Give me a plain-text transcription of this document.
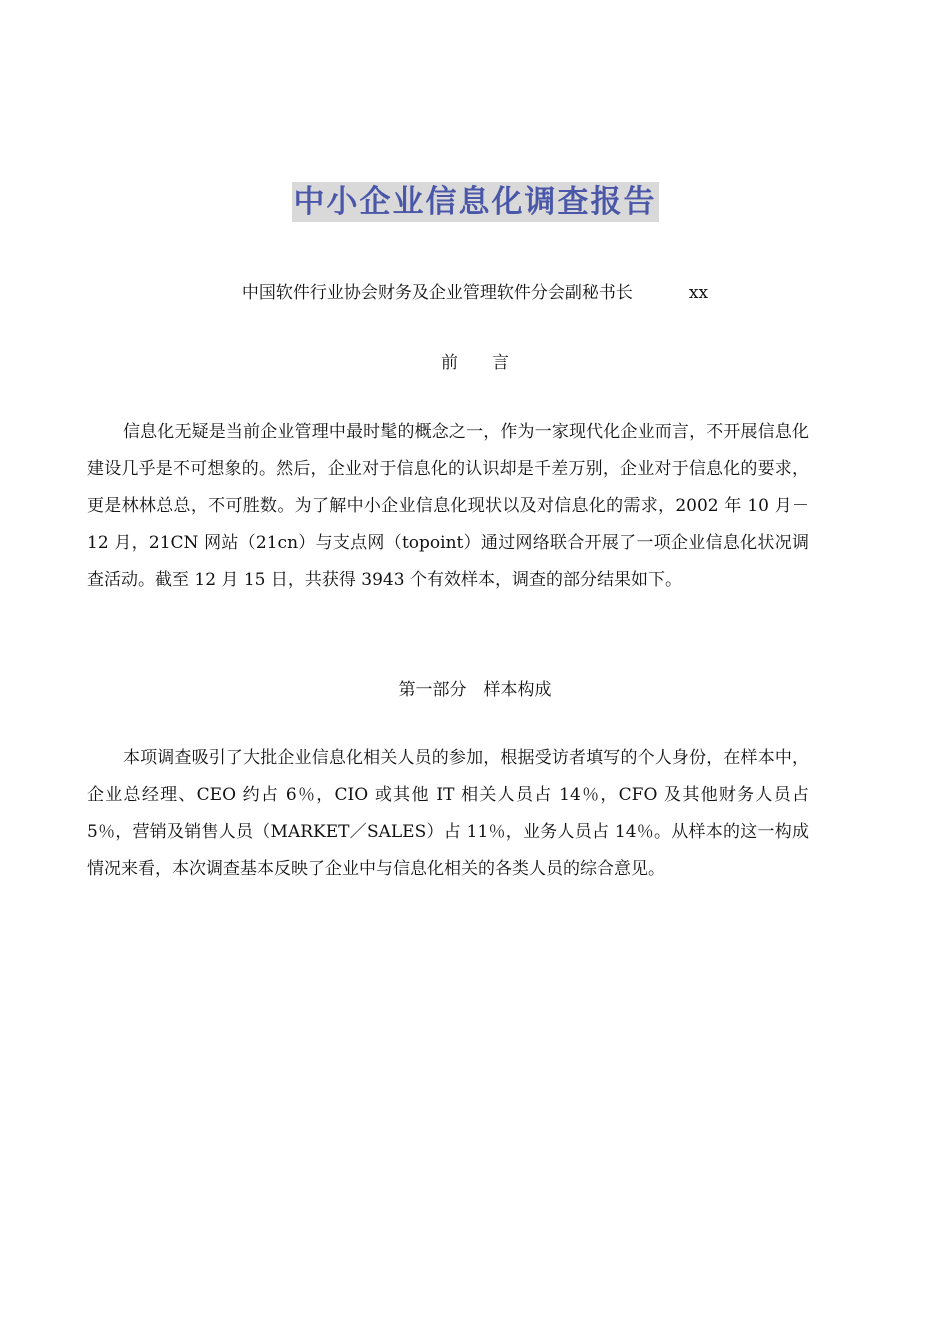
中小企业信息化调查报告
中国软件行业协会财务及企业管理软件分会副秘书长	xx
前　　言

信息化无疑是当前企业管理中最时髦的概念之一，作为一家现代化企业而言，不开展信息化建设几乎是不可想象的。然后，企业对于信息化的认识却是千差万别，企业对于信息化的要求，更是林林总总，不可胜数。为了解中小企业信息化现状以及对信息化的需求，2002 年 10 月－12 月，21CN 网站（21cn）与支点网（topoint）通过网络联合开展了一项企业信息化状况调查活动。截至 12 月 15 日，共获得 3943 个有效样本，调查的部分结果如下。

第一部分　样本构成

本项调查吸引了大批企业信息化相关人员的参加，根据受访者填写的个人身份，在样本中，企业总经理、CEO 约占 6％，CIO 或其他 IT 相关人员占 14％，CFO 及其他财务人员占 5％，营销及销售人员（MARKET／SALES）占 11％，业务人员占 14％。从样本的这一构成情况来看，本次调查基本反映了企业中与信息化相关的各类人员的综合意见。
